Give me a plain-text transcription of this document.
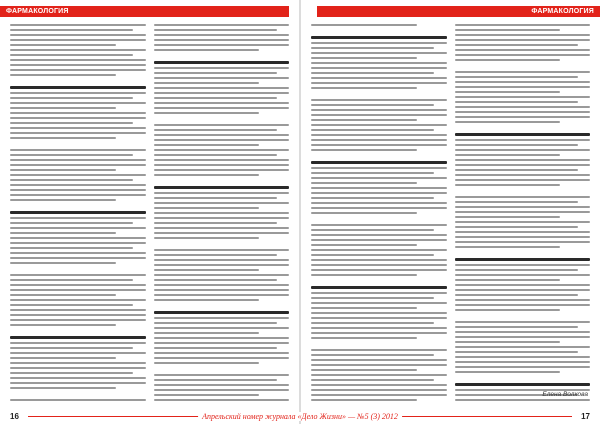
ФАРМАКОЛОГИЯ
16
ФАРМАКОЛОГИЯ
Елена Волкова
17
Апрельский номер журнала «Дело Жизни» — №5 (3) 2012
